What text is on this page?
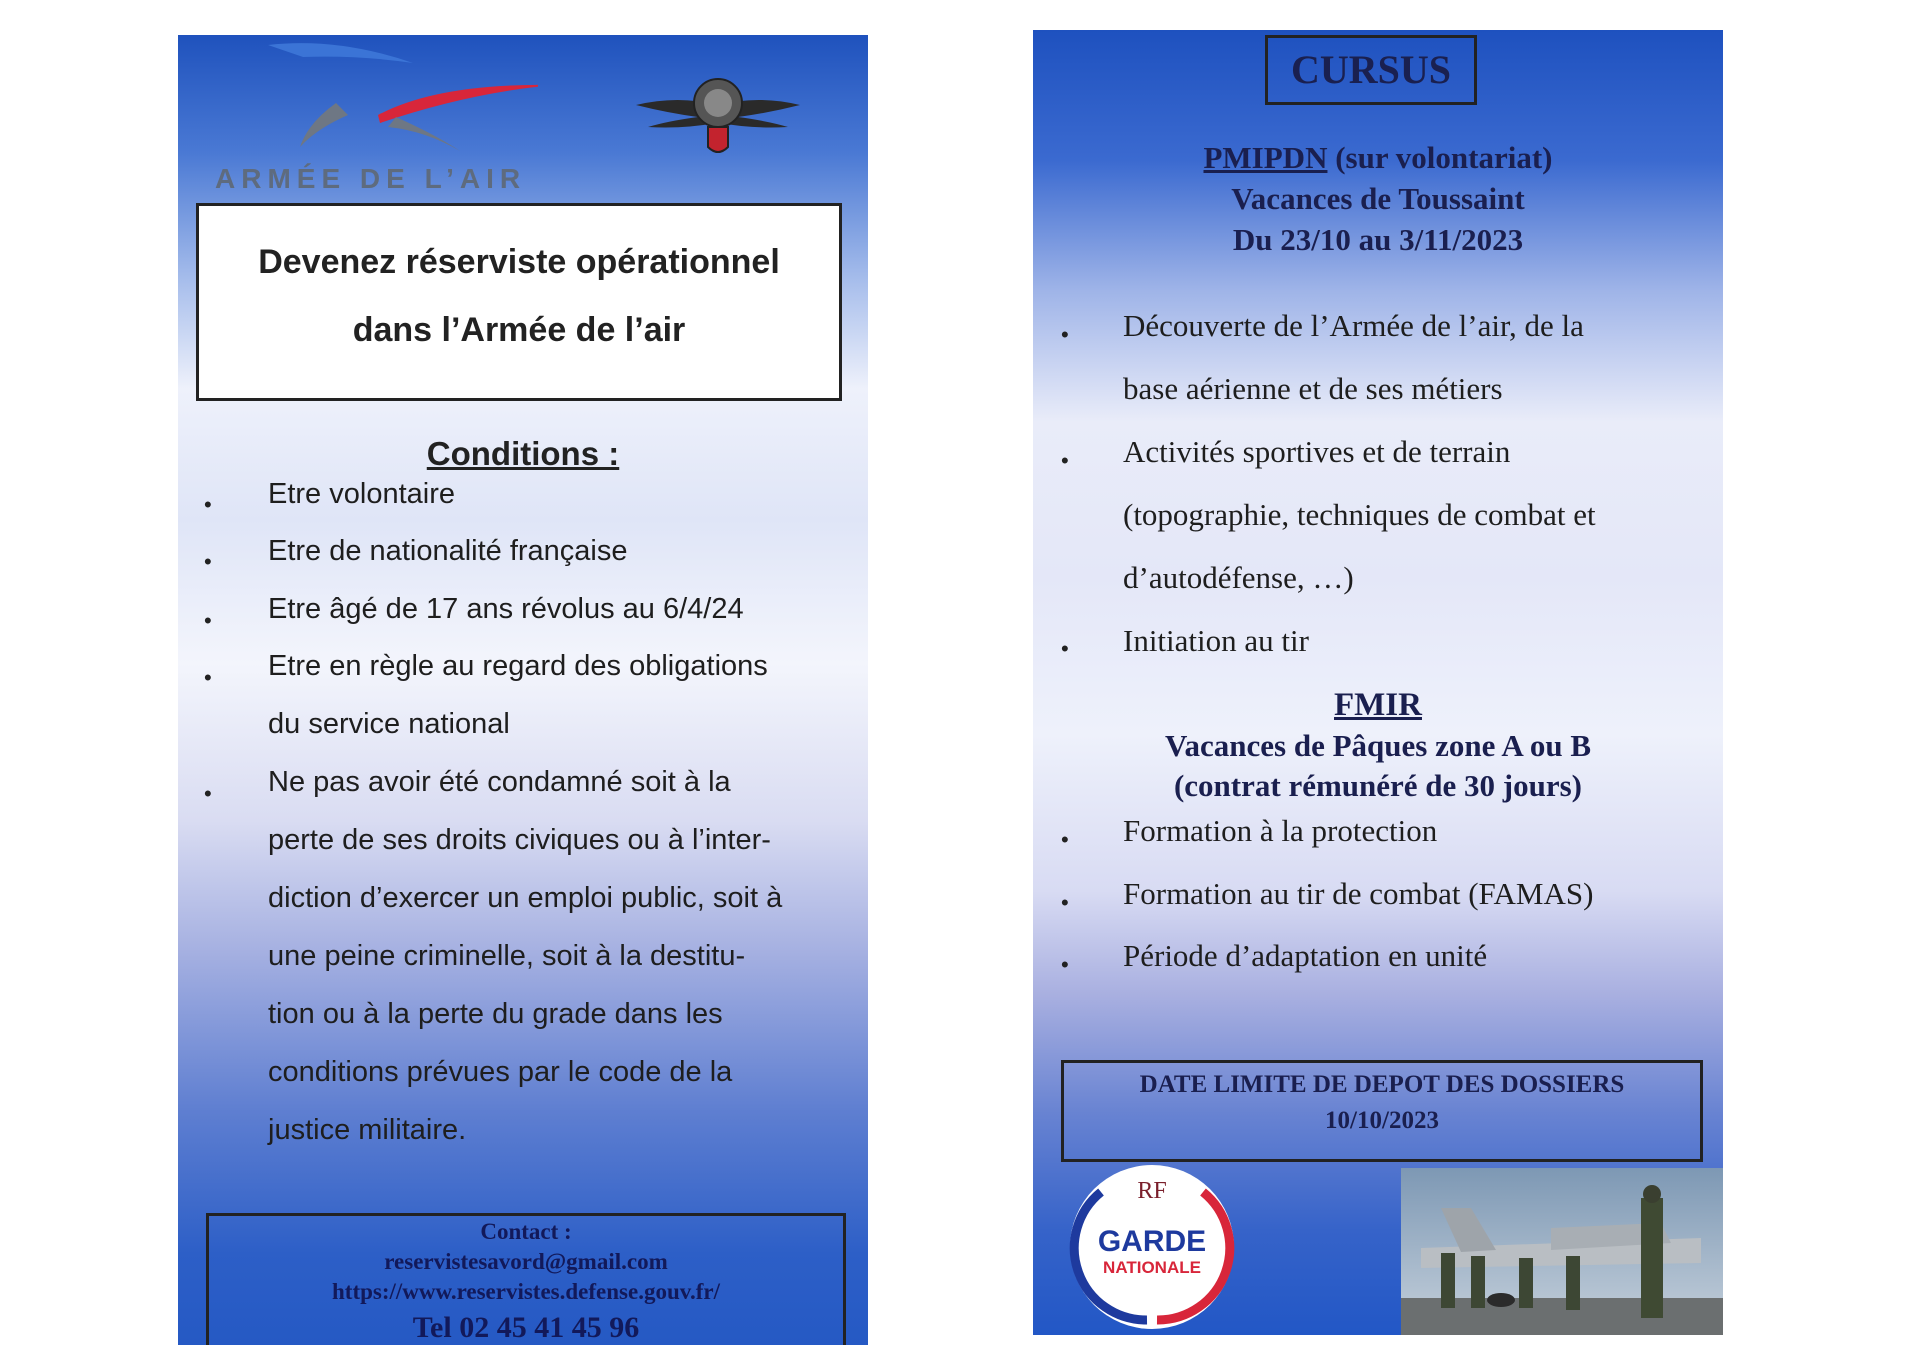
ARMÉE DE L’AIR
Devenez réserviste opérationnel
dans l’Armée de l’air
Conditions :
•
•
•
•
•
Etre volontaire
Etre de nationalité française
Etre âgé de 17 ans révolus au 6/4/24
Etre en règle au regard des obligations
du service national
Ne pas avoir été condamné soit à la
perte de ses droits civiques ou à l’inter-
diction d’exercer un emploi public, soit à
une peine criminelle, soit à la destitu-
tion ou à la perte du grade dans les
conditions prévues par le code de la
justice militaire.
Contact :
reservistesavord@gmail.com
https://www.reservistes.defense.gouv.fr/
Tel 02 45 41 45 96
CURSUS
PMIPDN (sur volontariat)
Vacances de Toussaint
Du 23/10 au 3/11/2023
•
•
•
Découverte de l’Armée de l’air, de la
base aérienne et de ses métiers
Activités sportives et de terrain
(topographie, techniques de combat et
d’autodéfense, …)
Initiation au tir
FMIR
Vacances de Pâques zone A ou B
(contrat rémunéré de 30 jours)
•
•
•
Formation à la protection
Formation au tir de combat (FAMAS)
Période d’adaptation en unité
DATE LIMITE DE DEPOT DES DOSSIERS
10/10/2023
RF
GARDE
NATIONALE
